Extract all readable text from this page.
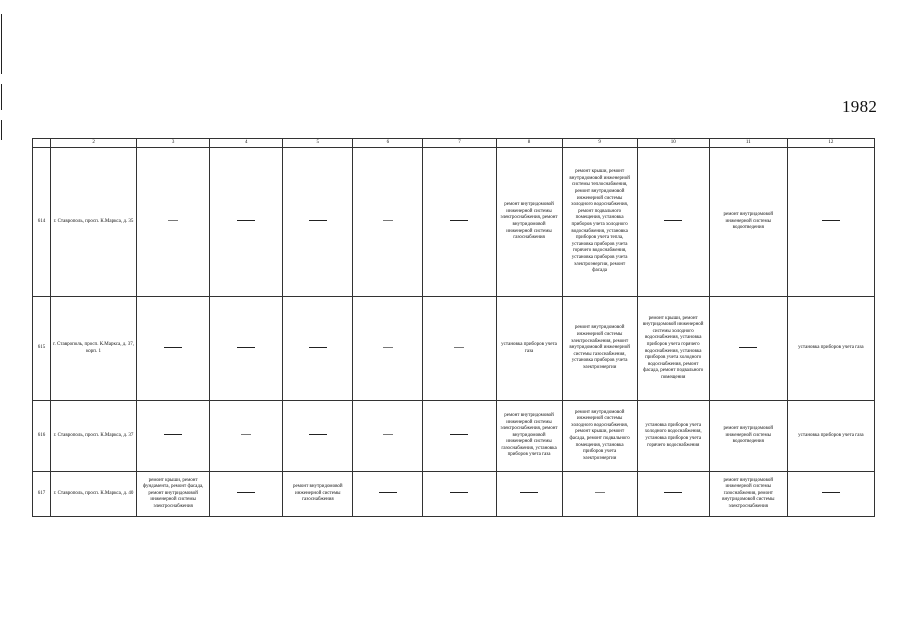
1982
	2	3	4	5	6	7	8	9	10	11	12
614	г. Ставрополь, просп. К.Маркса, д. 35						ремонт внутридомовой инженерной системы электроснабжения, ремонт внутридомовой инженерной системы газоснабжения	ремонт крыши, ремонт внутридомовой инженерной системы теплоснабжения, ремонт внутридомовой инженерной системы холодного водоснабжения, ремонт подвального помещения, установка приборов учета холодного водоснабжения, установка приборов учета тепла, установка приборов учета горячего водоснабжения, установка приборов учета электроэнергии, ремонт фасада		ремонт внутридомовой инженерной системы водоотведения	

615	г. Ставрополь, просп. К.Маркса, д. 37, корп. 1						установка приборов учета газа	ремонт внутридомовой инженерной системы электроснабжения, ремонт внутридомовой инженерной системы газоснабжения, установка приборов учета электроэнергии	ремонт крыши, ремонт внутридомовой инженерной системы холодного водоснабжения, установка приборов учета горячего водоснабжения, установка приборов учета холодного водоснабжения, ремонт фасада, ремонт подвального помещения		установка приборов учета газа

616	г. Ставрополь, просп. К.Маркса, д. 37						ремонт внутридомовой инженерной системы электроснабжения, ремонт внутридомовой инженерной системы газоснабжения, установка приборов учета газа	ремонт внутридомовой инженерной системы холодного водоснабжения, ремонт крыши, ремонт фасада, ремонт подвального помещения, установка приборов учета электроэнергии	установка приборов учета холодного водоснабжения, установка приборов учета горячего водоснабжения	ремонт внутридомовой инженерной системы водоотведения	установка приборов учета газа

617	г. Ставрополь, просп. К.Маркса, д. 40	ремонт крыши, ремонт фундамента, ремонт фасада, ремонт внутридомовой инженерной системы электроснабжения		ремонт внутридомовой инженерной системы газоснабжения						ремонт внутридомовой инженерной системы газоснабжения, ремонт внутридомовой системы электроснабжения	
